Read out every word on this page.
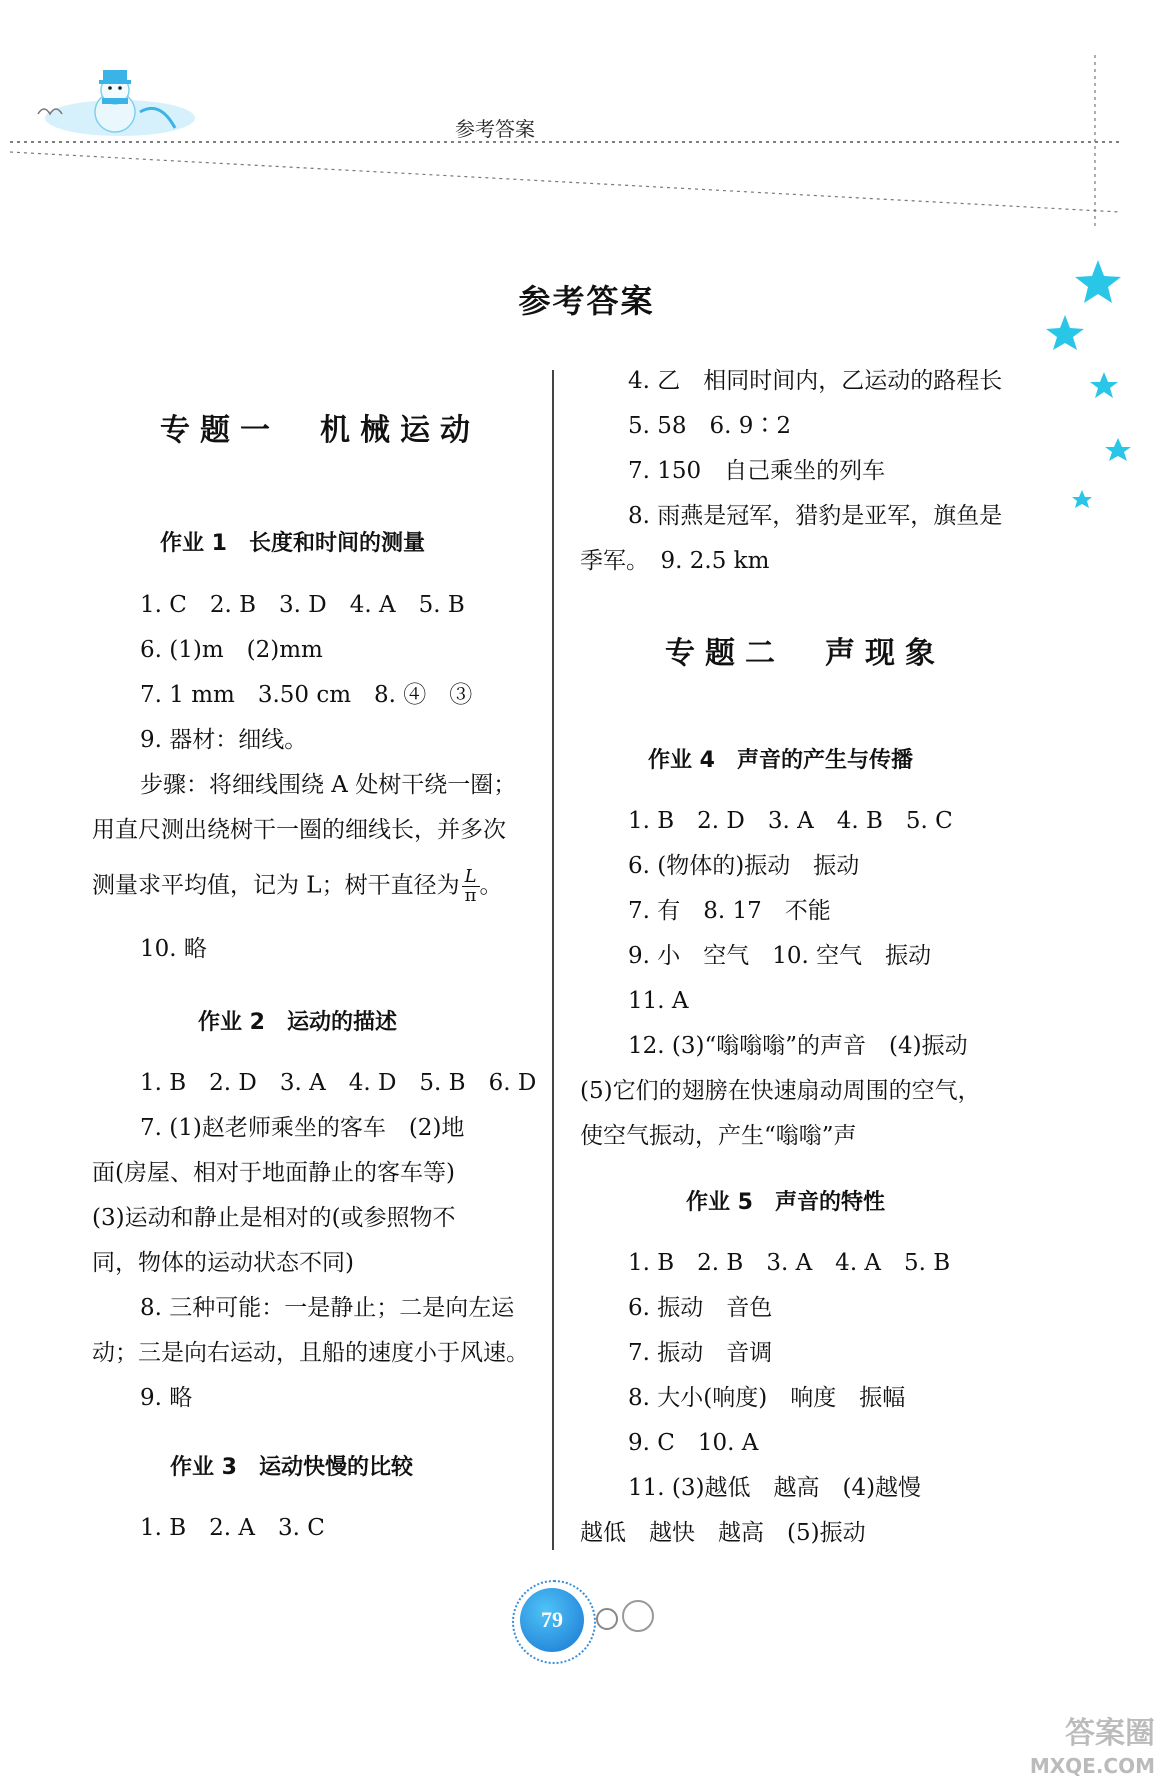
参考答案
参考答案
专题一　机械运动
作业 1　长度和时间的测量
1. C　2. B　3. D　4. A　5. B
6. (1)m　(2)mm
7. 1 mm　3.50 cm　8. ④　③
9. 器材：细线。
步骤：将细线围绕 A 处树干绕一圈；
用直尺测出绕树干一圈的细线长，并多次
测量求平均值，记为 L；树干直径为 $\frac{L}{\pi}$ 。
10. 略
作业 2　运动的描述
1. B　2. D　3. A　4. D　5. B　6. D
7. (1)赵老师乘坐的客车　(2)地
面(房屋、相对于地面静止的客车等)
(3)运动和静止是相对的(或参照物不
同，物体的运动状态不同)
8. 三种可能：一是静止；二是向左运
动；三是向右运动，且船的速度小于风速。
9. 略
作业 3　运动快慢的比较
1. B　2. A　3. C
4. 乙　相同时间内，乙运动的路程长
5. 58　6. 9∶2
7. 150　自己乘坐的列车
8. 雨燕是冠军，猎豹是亚军，旗鱼是
季军。　9. 2.5 km
专题二　声现象
作业 4　声音的产生与传播
1. B　2. D　3. A　4. B　5. C
6. (物体的)振动　振动
7. 有　8. 17　不能
9. 小　空气　10. 空气　振动
11. A
12. (3)“嗡嗡嗡”的声音　(4)振动
(5)它们的翅膀在快速扇动周围的空气，
使空气振动，产生“嗡嗡”声
作业 5　声音的特性
1. B　2. B　3. A　4. A　5. B
6. 振动　音色
7. 振动　音调
8. 大小(响度)　响度　振幅
9. C　10. A
11. (3)越低　越高　(4)越慢
越低　越快　越高　(5)振动
79
答案圈
MXQE.COM
